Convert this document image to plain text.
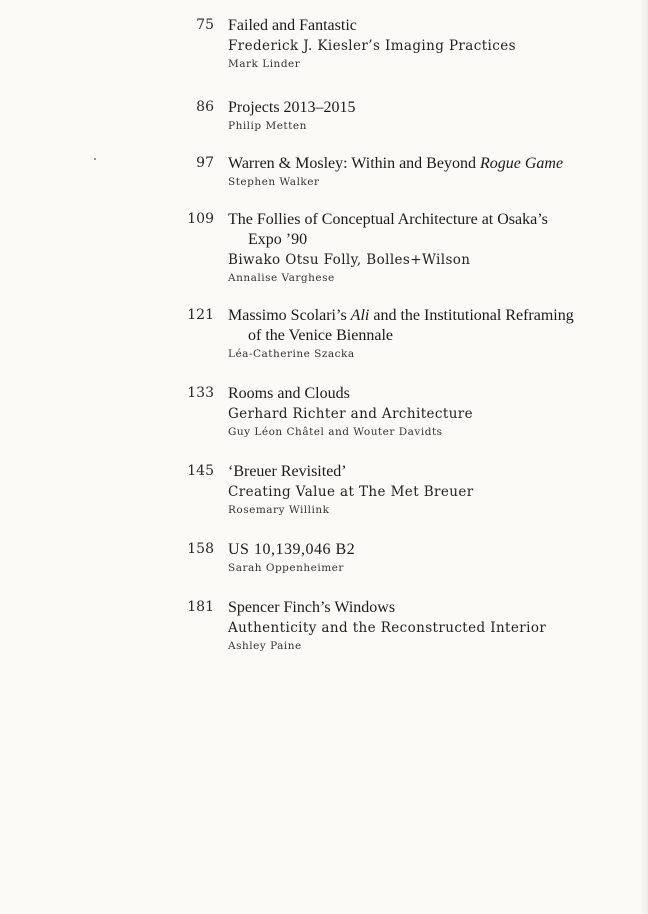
75 Failed and Fantastic
Frederick J. Kiesler’s Imaging Practices
Mark Linder
86 Projects 2013–2015
Philip Metten
97 Warren & Mosley: Within and Beyond Rogue Game
Stephen Walker
109 The Follies of Conceptual Architecture at Osaka’s
Expo ’90
Biwako Otsu Folly, Bolles+Wilson
Annalise Varghese
121 Massimo Scolari’s Ali and the Institutional Reframing
of the Venice Biennale
Léa-Catherine Szacka
133 Rooms and Clouds
Gerhard Richter and Architecture
Guy Léon Châtel and Wouter Davidts
145 ‘Breuer Revisited’
Creating Value at The Met Breuer
Rosemary Willink
158 US 10,139,046 B2
Sarah Oppenheimer
181 Spencer Finch’s Windows
Authenticity and the Reconstructed Interior
Ashley Paine
